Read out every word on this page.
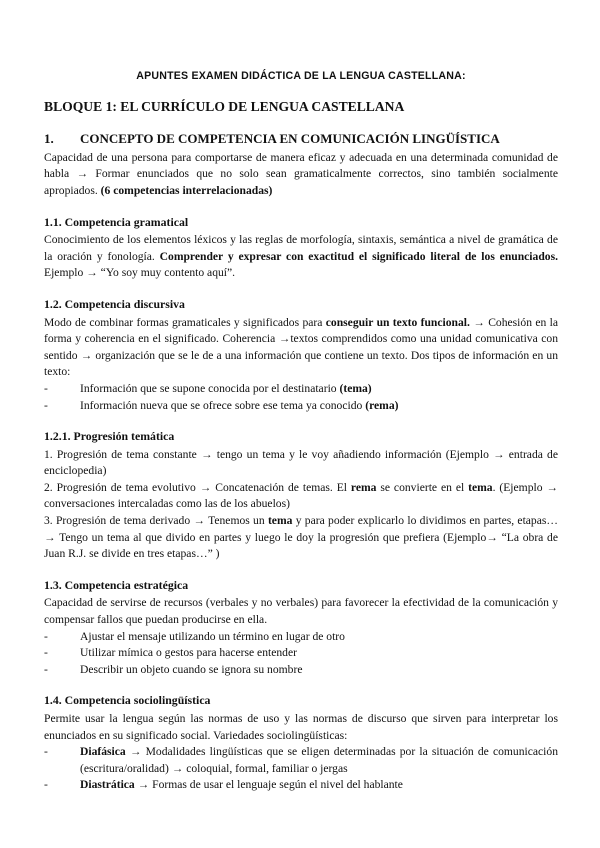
APUNTES EXAMEN DIDÁCTICA DE LA LENGUA CASTELLANA:
BLOQUE 1: EL CURRÍCULO DE LENGUA CASTELLANA
1. CONCEPTO DE COMPETENCIA EN COMUNICACIÓN LINGÜÍSTICA

Capacidad de una persona para comportarse de manera eficaz y adecuada en una determinada comunidad de habla → Formar enunciados que no solo sean gramaticalmente correctos, sino también socialmente apropiados. (6 competencias interrelacionadas)

1.1. Competencia gramatical

Conocimiento de los elementos léxicos y las reglas de morfología, sintaxis, semántica a nivel de gramática de la oración y fonología. Comprender y expresar con exactitud el significado literal de los enunciados. Ejemplo → “Yo soy muy contento aquí”.

1.2. Competencia discursiva

Modo de combinar formas gramaticales y significados para conseguir un texto funcional. → Cohesión en la forma y coherencia en el significado. Coherencia →textos comprendidos como una unidad comunicativa con sentido → organización que se le de a una información que contiene un texto. Dos tipos de información en un texto:

-	Información que se supone conocida por el destinatario (tema)
-	Información nueva que se ofrece sobre ese tema ya conocido (rema)
1.2.1. Progresión temática

1. Progresión de tema constante → tengo un tema y le voy añadiendo información (Ejemplo → entrada de enciclopedia)

2. Progresión de tema evolutivo → Concatenación de temas. El rema se convierte en el tema. (Ejemplo → conversaciones intercaladas como las de los abuelos)

3. Progresión de tema derivado → Tenemos un tema y para poder explicarlo lo dividimos en partes, etapas… → Tengo un tema al que divido en partes y luego le doy la progresión que prefiera (Ejemplo→ “La obra de Juan R.J. se divide en tres etapas…” )

1.3. Competencia estratégica

Capacidad de servirse de recursos (verbales y no verbales) para favorecer la efectividad de la comunicación y compensar fallos que puedan producirse en ella.

-	Ajustar el mensaje utilizando un término en lugar de otro
-	Utilizar mímica o gestos para hacerse entender
-	Describir un objeto cuando se ignora su nombre
1.4. Competencia sociolingüística

Permite usar la lengua según las normas de uso y las normas de discurso que sirven para interpretar los enunciados en su significado social. Variedades sociolingüísticas:

-	Diafásica → Modalidades lingüísticas que se eligen determinadas por la situación de comunicación (escritura/oralidad) → coloquial, formal, familiar o jergas
-	Diastrática → Formas de usar el lenguaje según el nivel del hablante
